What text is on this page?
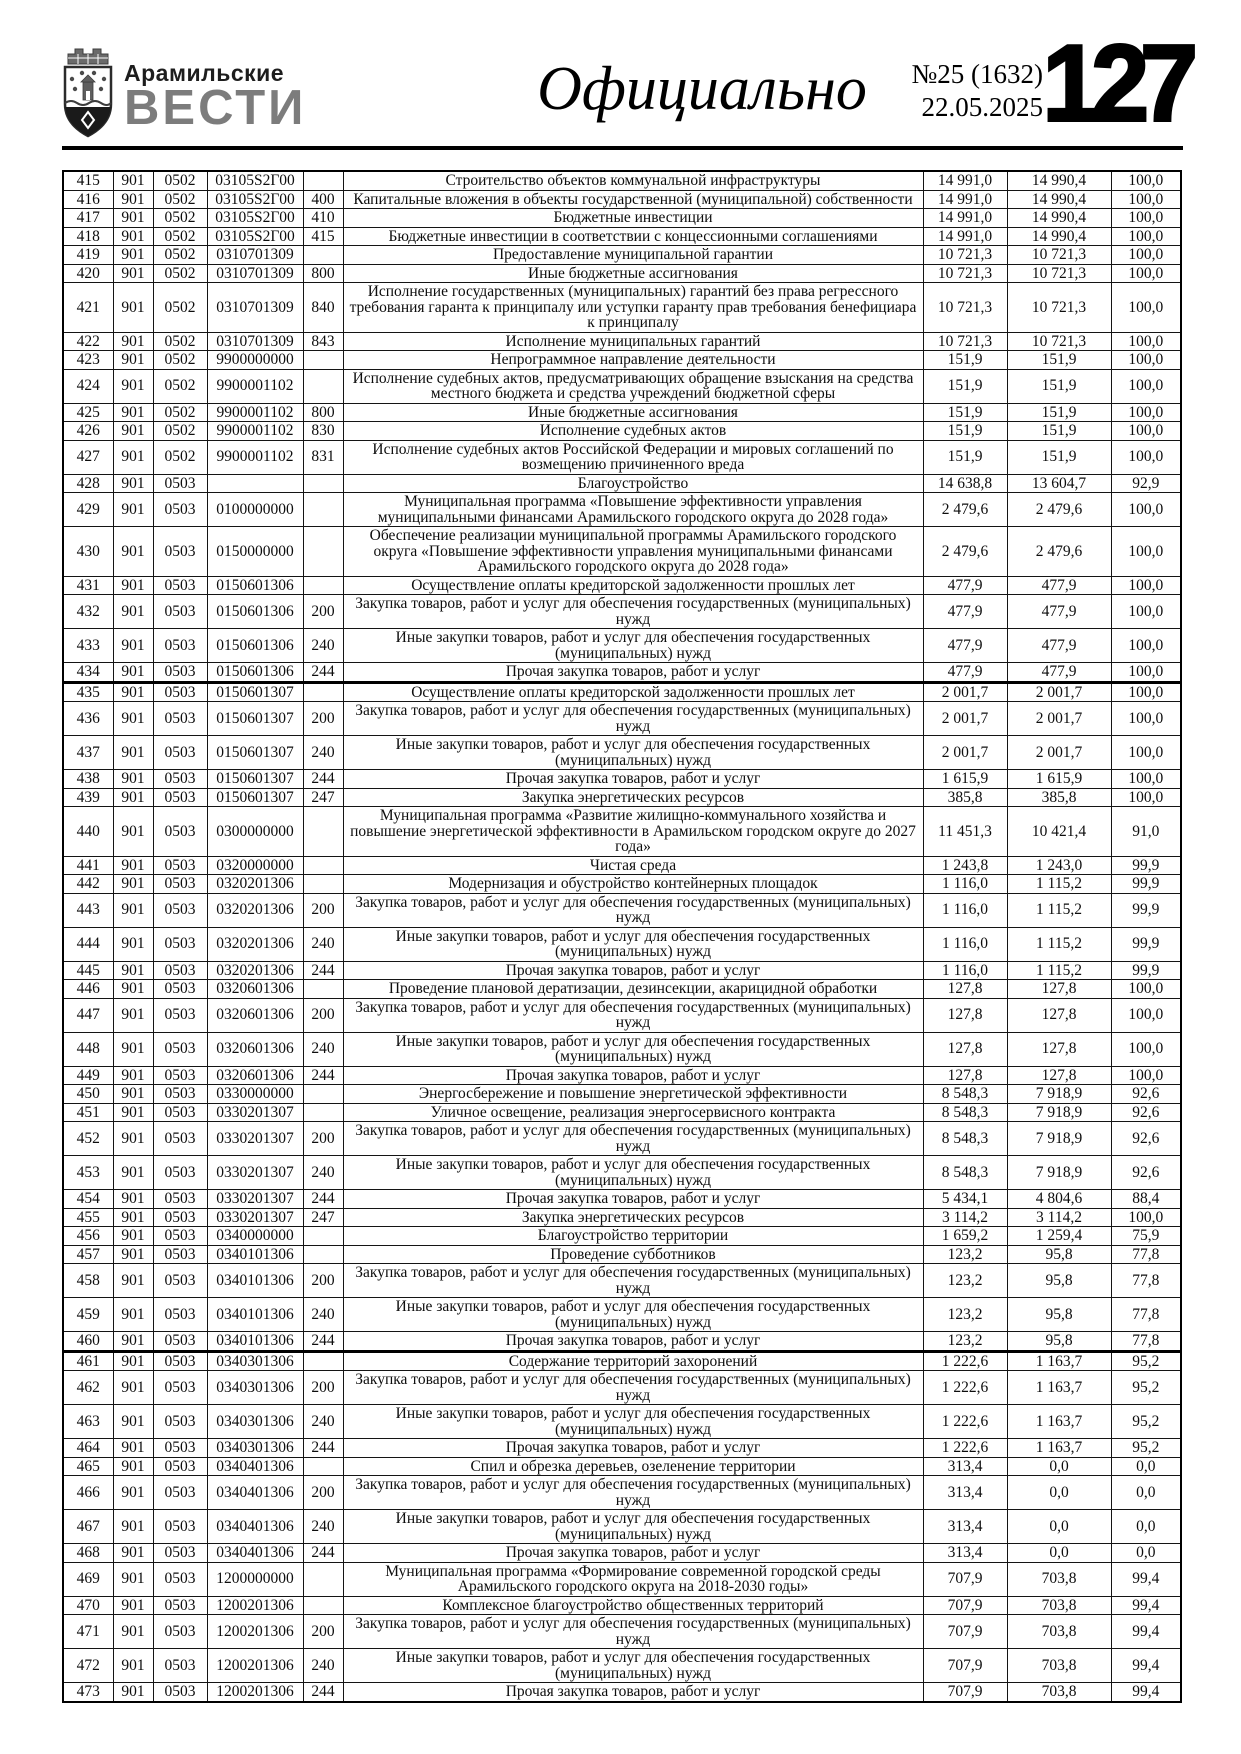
Арамильские
ВЕСТИ	Официально	№25 (1632)
22.05.2025 127
415	901	0502	03105S2Г00		Строительство объектов коммунальной инфраструктуры	14 991,0	14 990,4	100,0
416	901	0502	03105S2Г00	400	Капитальные вложения в объекты государственной (муниципальной) собственности	14 991,0	14 990,4	100,0
417	901	0502	03105S2Г00	410	Бюджетные инвестиции	14 991,0	14 990,4	100,0
418	901	0502	03105S2Г00	415	Бюджетные инвестиции в соответствии с концессионными соглашениями	14 991,0	14 990,4	100,0
419	901	0502	0310701309		Предоставление муниципальной гарантии	10 721,3	10 721,3	100,0
420	901	0502	0310701309	800	Иные бюджетные ассигнования	10 721,3	10 721,3	100,0
421	901	0502	0310701309	840	Исполнение государственных (муниципальных) гарантий без права регрессного требования гаранта к принципалу или уступки гаранту прав требования бенефициара к принципалу	10 721,3	10 721,3	100,0
422	901	0502	0310701309	843	Исполнение муниципальных гарантий	10 721,3	10 721,3	100,0
423	901	0502	9900000000		Непрограммное направление деятельности	151,9	151,9	100,0
424	901	0502	9900001102		Исполнение судебных актов, предусматривающих обращение взыскания на средства местного бюджета и средства учреждений бюджетной сферы	151,9	151,9	100,0
425	901	0502	9900001102	800	Иные бюджетные ассигнования	151,9	151,9	100,0
426	901	0502	9900001102	830	Исполнение судебных актов	151,9	151,9	100,0
427	901	0502	9900001102	831	Исполнение судебных актов Российской Федерации и мировых соглашений по возмещению причиненного вреда	151,9	151,9	100,0
428	901	0503			Благоустройство	14 638,8	13 604,7	92,9
429	901	0503	0100000000		Муниципальная программа «Повышение эффективности управления муниципальными финансами Арамильского городского округа до 2028 года»	2 479,6	2 479,6	100,0
430	901	0503	0150000000		Обеспечение реализации муниципальной программы Арамильского городского округа «Повышение эффективности управления муниципальными финансами Арамильского городского округа до 2028 года»	2 479,6	2 479,6	100,0
431	901	0503	0150601306		Осуществление оплаты кредиторской задолженности прошлых лет	477,9	477,9	100,0
432	901	0503	0150601306	200	Закупка товаров, работ и услуг для обеспечения государственных (муниципальных) нужд	477,9	477,9	100,0
433	901	0503	0150601306	240	Иные закупки товаров, работ и услуг для обеспечения государственных (муниципальных) нужд	477,9	477,9	100,0
434	901	0503	0150601306	244	Прочая закупка товаров, работ и услуг	477,9	477,9	100,0
435	901	0503	0150601307		Осуществление оплаты кредиторской задолженности прошлых лет	2 001,7	2 001,7	100,0
436	901	0503	0150601307	200	Закупка товаров, работ и услуг для обеспечения государственных (муниципальных) нужд	2 001,7	2 001,7	100,0
437	901	0503	0150601307	240	Иные закупки товаров, работ и услуг для обеспечения государственных (муниципальных) нужд	2 001,7	2 001,7	100,0
438	901	0503	0150601307	244	Прочая закупка товаров, работ и услуг	1 615,9	1 615,9	100,0
439	901	0503	0150601307	247	Закупка энергетических ресурсов	385,8	385,8	100,0
440	901	0503	0300000000		Муниципальная программа «Развитие жилищно-коммунального хозяйства и повышение энергетической эффективности в Арамильском городском округе до 2027 года»	11 451,3	10 421,4	91,0
441	901	0503	0320000000		Чистая среда	1 243,8	1 243,0	99,9
442	901	0503	0320201306		Модернизация и обустройство контейнерных площадок	1 116,0	1 115,2	99,9
443	901	0503	0320201306	200	Закупка товаров, работ и услуг для обеспечения государственных (муниципальных) нужд	1 116,0	1 115,2	99,9
444	901	0503	0320201306	240	Иные закупки товаров, работ и услуг для обеспечения государственных (муниципальных) нужд	1 116,0	1 115,2	99,9
445	901	0503	0320201306	244	Прочая закупка товаров, работ и услуг	1 116,0	1 115,2	99,9
446	901	0503	0320601306		Проведение плановой дератизации, дезинсекции, акарицидной обработки	127,8	127,8	100,0
447	901	0503	0320601306	200	Закупка товаров, работ и услуг для обеспечения государственных (муниципальных) нужд	127,8	127,8	100,0
448	901	0503	0320601306	240	Иные закупки товаров, работ и услуг для обеспечения государственных (муниципальных) нужд	127,8	127,8	100,0
449	901	0503	0320601306	244	Прочая закупка товаров, работ и услуг	127,8	127,8	100,0
450	901	0503	0330000000		Энергосбережение и повышение энергетической эффективности	8 548,3	7 918,9	92,6
451	901	0503	0330201307		Уличное освещение, реализация энергосервисного контракта	8 548,3	7 918,9	92,6
452	901	0503	0330201307	200	Закупка товаров, работ и услуг для обеспечения государственных (муниципальных) нужд	8 548,3	7 918,9	92,6
453	901	0503	0330201307	240	Иные закупки товаров, работ и услуг для обеспечения государственных (муниципальных) нужд	8 548,3	7 918,9	92,6
454	901	0503	0330201307	244	Прочая закупка товаров, работ и услуг	5 434,1	4 804,6	88,4
455	901	0503	0330201307	247	Закупка энергетических ресурсов	3 114,2	3 114,2	100,0
456	901	0503	0340000000		Благоустройство территории	1 659,2	1 259,4	75,9
457	901	0503	0340101306		Проведение субботников	123,2	95,8	77,8
458	901	0503	0340101306	200	Закупка товаров, работ и услуг для обеспечения государственных (муниципальных) нужд	123,2	95,8	77,8
459	901	0503	0340101306	240	Иные закупки товаров, работ и услуг для обеспечения государственных (муниципальных) нужд	123,2	95,8	77,8
460	901	0503	0340101306	244	Прочая закупка товаров, работ и услуг	123,2	95,8	77,8
461	901	0503	0340301306		Содержание территорий захоронений	1 222,6	1 163,7	95,2
462	901	0503	0340301306	200	Закупка товаров, работ и услуг для обеспечения государственных (муниципальных) нужд	1 222,6	1 163,7	95,2
463	901	0503	0340301306	240	Иные закупки товаров, работ и услуг для обеспечения государственных (муниципальных) нужд	1 222,6	1 163,7	95,2
464	901	0503	0340301306	244	Прочая закупка товаров, работ и услуг	1 222,6	1 163,7	95,2
465	901	0503	0340401306		Спил и обрезка деревьев, озеленение территории	313,4	0,0	0,0
466	901	0503	0340401306	200	Закупка товаров, работ и услуг для обеспечения государственных (муниципальных) нужд	313,4	0,0	0,0
467	901	0503	0340401306	240	Иные закупки товаров, работ и услуг для обеспечения государственных (муниципальных) нужд	313,4	0,0	0,0
468	901	0503	0340401306	244	Прочая закупка товаров, работ и услуг	313,4	0,0	0,0
469	901	0503	1200000000		Муниципальная программа «Формирование современной городской среды Арамильского городского округа на 2018-2030 годы»	707,9	703,8	99,4
470	901	0503	1200201306		Комплексное благоустройство общественных территорий	707,9	703,8	99,4
471	901	0503	1200201306	200	Закупка товаров, работ и услуг для обеспечения государственных (муниципальных) нужд	707,9	703,8	99,4
472	901	0503	1200201306	240	Иные закупки товаров, работ и услуг для обеспечения государственных (муниципальных) нужд	707,9	703,8	99,4
473	901	0503	1200201306	244	Прочая закупка товаров, работ и услуг	707,9	703,8	99,4
